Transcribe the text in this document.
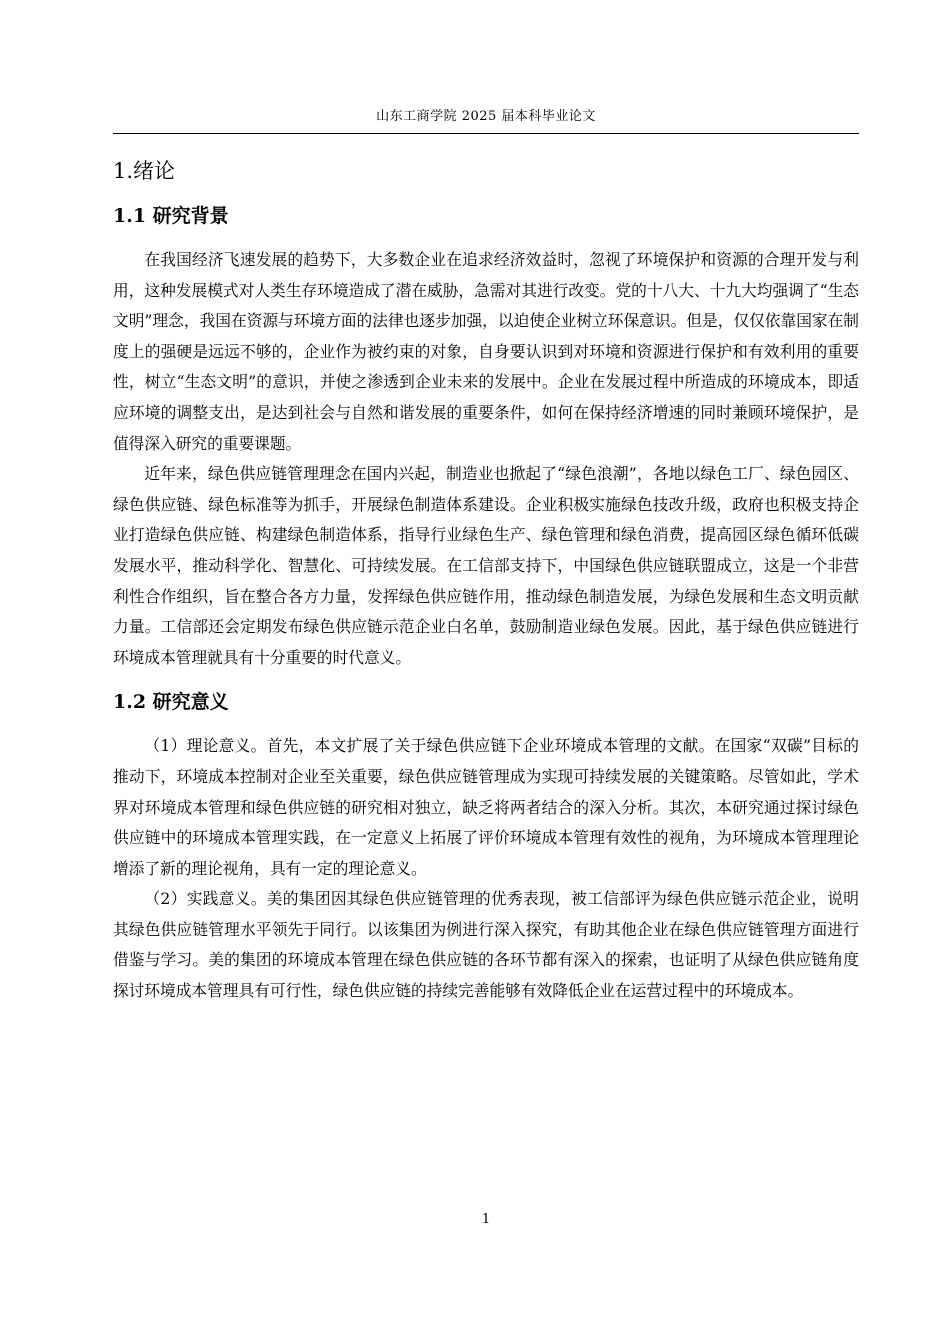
山东工商学院 2025 届本科毕业论文
1.绪论
1.1 研究背景

在我国经济飞速发展的趋势下，大多数企业在追求经济效益时，忽视了环境保护和资源的合理开发与利用，这种发展模式对人类生存环境造成了潜在威胁，急需对其进行改变。党的十八大、十九大均强调了“生态文明”理念，我国在资源与环境方面的法律也逐步加强，以迫使企业树立环保意识。但是，仅仅依靠国家在制度上的强硬是远远不够的，企业作为被约束的对象，自身要认识到对环境和资源进行保护和有效利用的重要性，树立“生态文明”的意识，并使之渗透到企业未来的发展中。企业在发展过程中所造成的环境成本，即适应环境的调整支出，是达到社会与自然和谐发展的重要条件，如何在保持经济增速的同时兼顾环境保护，是值得深入研究的重要课题。

近年来，绿色供应链管理理念在国内兴起，制造业也掀起了“绿色浪潮”，各地以绿色工厂、绿色园区、绿色供应链、绿色标准等为抓手，开展绿色制造体系建设。企业积极实施绿色技改升级，政府也积极支持企业打造绿色供应链、构建绿色制造体系，指导行业绿色生产、绿色管理和绿色消费，提高园区绿色循环低碳发展水平，推动科学化、智慧化、可持续发展。在工信部支持下，中国绿色供应链联盟成立，这是一个非营利性合作组织，旨在整合各方力量，发挥绿色供应链作用，推动绿色制造发展，为绿色发展和生态文明贡献力量。工信部还会定期发布绿色供应链示范企业白名单，鼓励制造业绿色发展。因此，基于绿色供应链进行环境成本管理就具有十分重要的时代意义。

1.2 研究意义

（1）理论意义。首先，本文扩展了关于绿色供应链下企业环境成本管理的文献。在国家“双碳”目标的推动下，环境成本控制对企业至关重要，绿色供应链管理成为实现可持续发展的关键策略。尽管如此，学术界对环境成本管理和绿色供应链的研究相对独立，缺乏将两者结合的深入分析。其次，本研究通过探讨绿色供应链中的环境成本管理实践，在一定意义上拓展了评价环境成本管理有效性的视角，为环境成本管理理论增添了新的理论视角，具有一定的理论意义。

（2）实践意义。美的集团因其绿色供应链管理的优秀表现，被工信部评为绿色供应链示范企业，说明其绿色供应链管理水平领先于同行。以该集团为例进行深入探究，有助其他企业在绿色供应链管理方面进行借鉴与学习。美的集团的环境成本管理在绿色供应链的各环节都有深入的探索，也证明了从绿色供应链角度探讨环境成本管理具有可行性，绿色供应链的持续完善能够有效降低企业在运营过程中的环境成本。

1
